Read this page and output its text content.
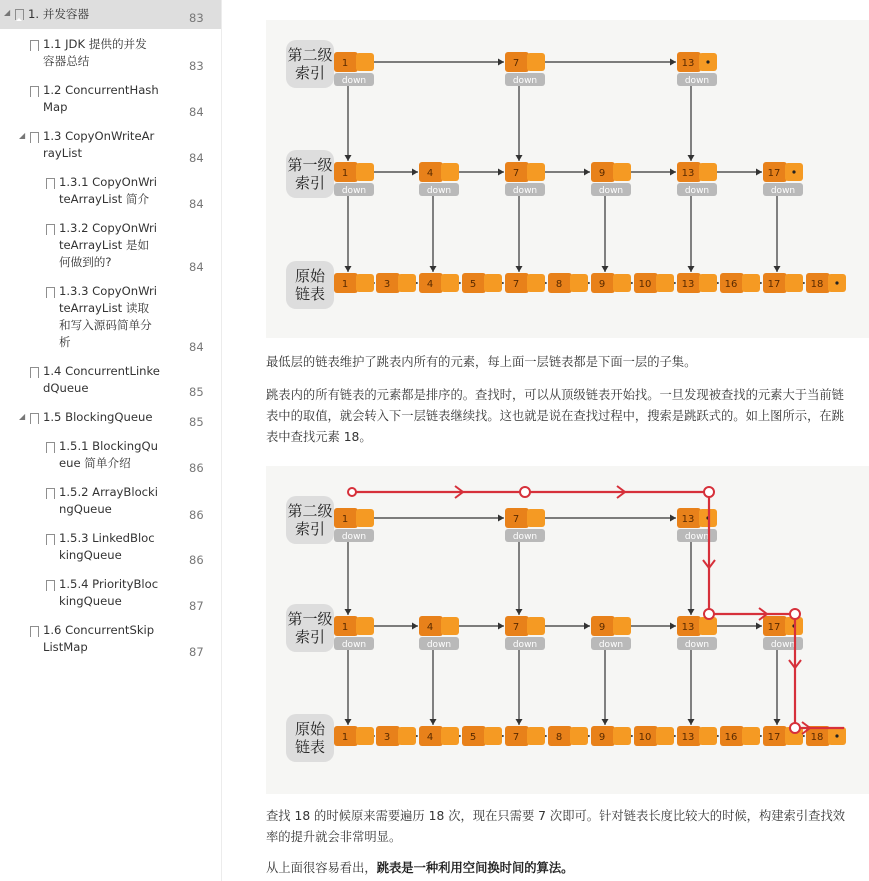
◢ 1. 并发容器	83
1.1 JDK 提供的并发
容器总结	83
1.2 ConcurrentHash
Map	84
◢ 1.3 CopyOnWriteAr
rayList	84
1.3.1 CopyOnWri
teArrayList 简介	84
1.3.2 CopyOnWri
teArrayList 是如
何做到的?	84
1.3.3 CopyOnWri
teArrayList 读取
和写入源码简单分
析	84
1.4 ConcurrentLinke
dQueue	85
◢ 1.5 BlockingQueue	85
1.5.1 BlockingQu
eue 简单介绍	86
1.5.2 ArrayBlocki
ngQueue	86
1.5.3 LinkedBloc
kingQueue	86
1.5.4 PriorityBloc
kingQueue	87
1.6 ConcurrentSkip
ListMap	87
第二级
索引
第一级
索引
原始
链表
1
down
7
down
13
down
1
down
4
down
7
down
9
down
13
down
17
down
1	3	4	5	7	8	9	10	13	16	17	18
最低层的链表维护了跳表内所有的元素，每上面一层链表都是下面一层的子集。
跳表内的所有链表的元素都是排序的。查找时，可以从顶级链表开始找。一旦发现被查找的元素大于当前链表中的取值，就会转入下一层链表继续找。这也就是说在查找过程中，搜索是跳跃式的。如上图所示，在跳表中查找元素 18。
第二级
索引
第一级
索引
原始
链表
1
down
7
down
13
down
1
down
4
down
7
down
9
down
13
down
17
down
1	3	4	5	7	8	9	10	13	16	17	18
查找 18 的时候原来需要遍历 18 次，现在只需要 7 次即可。针对链表长度比较大的时候，构建索引查找效率的提升就会非常明显。
从上面很容易看出，跳表是一种利用空间换时间的算法。
